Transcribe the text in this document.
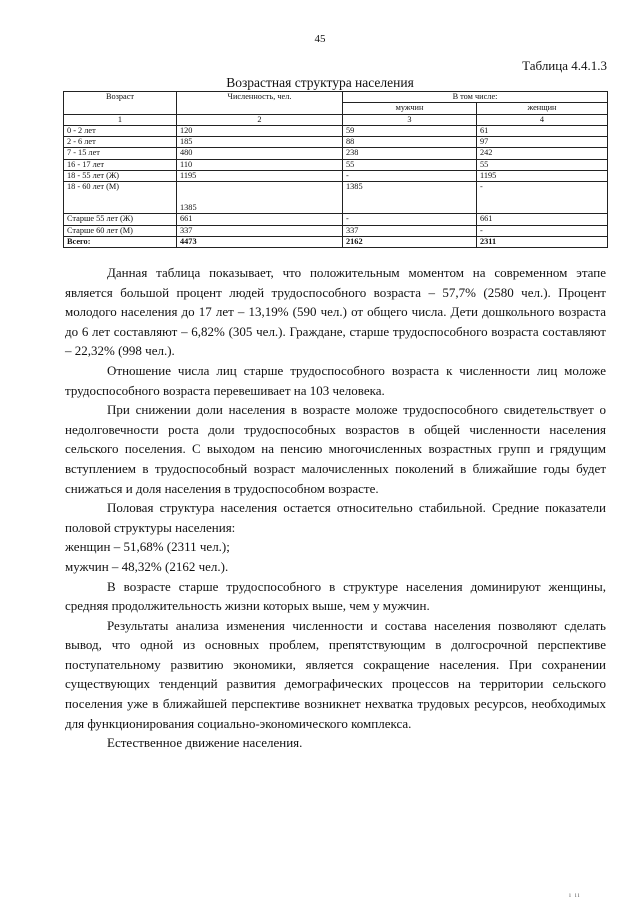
45
Таблица 4.4.1.3
Возрастная структура населения
Возраст	Численность, чел.	В том числе:	
		мужчин	женщин
1	2	3	4
0 - 2 лет	120	59	61
2 - 6 лет	185	88	97
7 - 15 лет	480	238	242
16 - 17 лет	110	55	55
18 - 55 лет (Ж)	1195	-	1195
18 - 60 лет (М)	1385	1385	-
Старше 55 лет (Ж)	661	-	661
Старше 60 лет (М)	337	337	-
Всего:	4473	2162	2311

Данная таблица показывает, что положительным моментом на современном этапе является большой процент людей трудоспособного возраста – 57,7% (2580 чел.). Процент молодого населения до 17 лет – 13,19% (590 чел.) от общего числа. Дети дошкольного возраста до 6 лет составляют – 6,82% (305 чел.). Граждане, старше трудоспособного возраста составляют – 22,32% (998 чел.).

Отношение числа лиц старше трудоспособного возраста к численности лиц моложе трудоспособного возраста перевешивает на 103 человека.

При снижении доли населения в возрасте моложе трудоспособного свидетельствует о недолговечности роста доли трудоспособных возрастов в общей численности населения сельского поселения. С выходом на пенсию многочисленных возрастных групп и грядущим вступлением в трудоспособный возраст малочисленных поколений в ближайшие годы будет снижаться и доля населения в трудоспособном возрасте.

Половая структура населения остается относительно стабильной. Средние показатели половой структуры населения:

женщин – 51,68% (2311 чел.);

мужчин – 48,32% (2162 чел.).

В возрасте старше трудоспособного в структуре населения доминируют женщины, средняя продолжительность жизни которых выше, чем у мужчин.

Результаты анализа изменения численности и состава населения позволяют сделать вывод, что одной из основных проблем, препятствующим в долгосрочной перспективе поступательному развитию экономики, является сокращение населения. При сохранении существующих тенденций развития демографических процессов на территории сельского поселения уже в ближайшей перспективе возникнет нехватка трудовых ресурсов, необходимых для функционирования социально-экономического комплекса.

Естественное движение населения.

ı ıı
